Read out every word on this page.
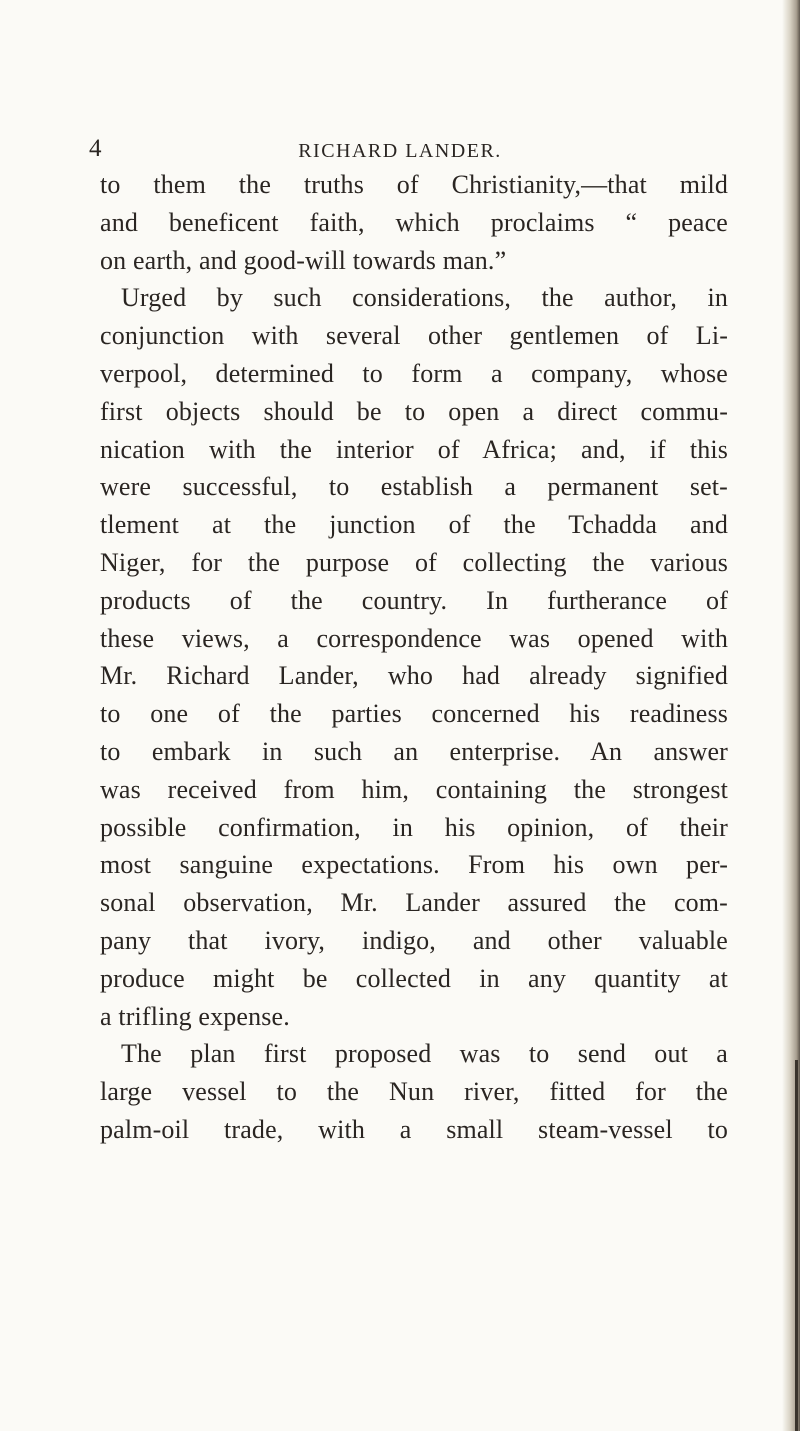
4	RICHARD LANDER.
to them the truths of Christianity,—that mild
and beneficent faith, which proclaims “ peace
on earth, and good-will towards man.”
Urged by such considerations, the author, in
conjunction with several other gentlemen of Li-
verpool, determined to form a company, whose
first objects should be to open a direct commu-
nication with the interior of Africa; and, if this
were successful, to establish a permanent set-
tlement at the junction of the Tchadda and
Niger, for the purpose of collecting the various
products of the country. In furtherance of
these views, a correspondence was opened with
Mr. Richard Lander, who had already signified
to one of the parties concerned his readiness
to embark in such an enterprise. An answer
was received from him, containing the strongest
possible confirmation, in his opinion, of their
most sanguine expectations. From his own per-
sonal observation, Mr. Lander assured the com-
pany that ivory, indigo, and other valuable
produce might be collected in any quantity at
a trifling expense.
The plan first proposed was to send out a
large vessel to the Nun river, fitted for the
palm-oil trade, with a small steam-vessel to
